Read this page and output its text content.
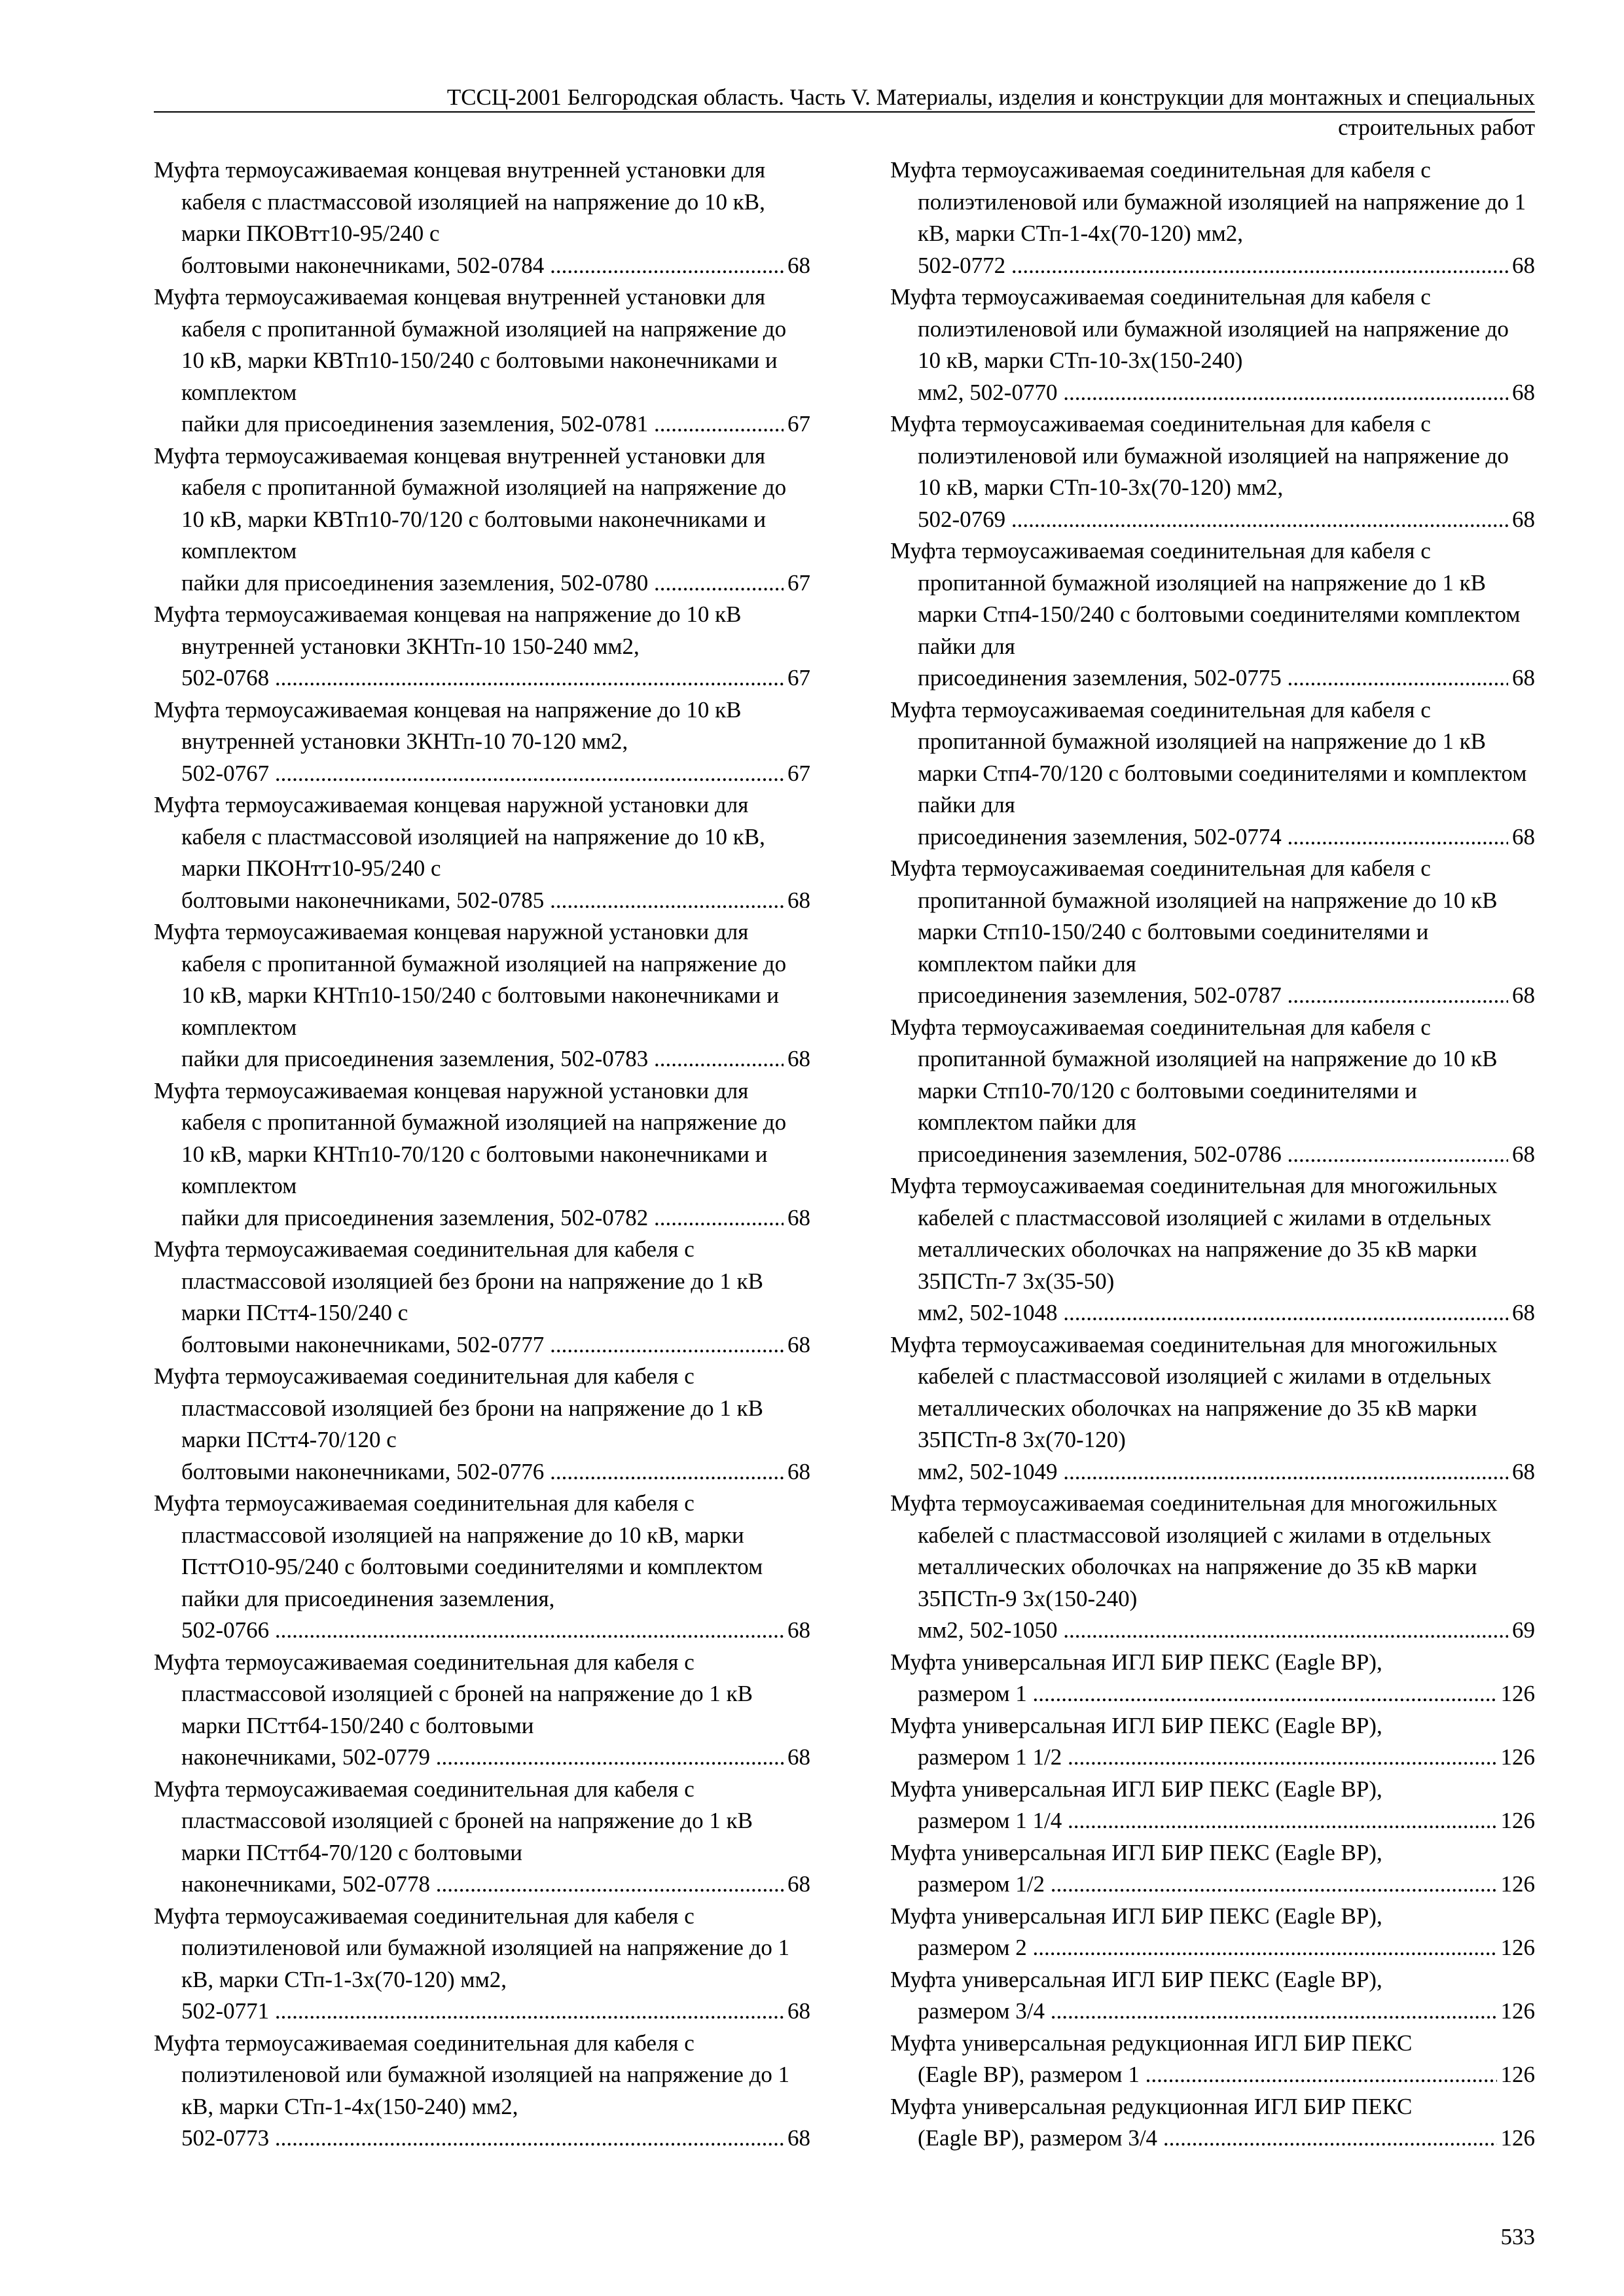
ТССЦ-2001 Белгородская область. Часть V. Материалы, изделия и конструкции для монтажных и специальных
строительных работ
Муфта термоусаживаемая концевая внутренней установки для кабеля с пластмассовой изоляцией на напряжение до 10 кВ, марки ПКОВтт10-95/240 с
болтовыми наконечниками, 502-0784 .....	68
Муфта термоусаживаемая концевая внутренней установки для кабеля с пропитанной бумажной изоляцией на напряжение до 10 кВ, марки КВТп10-150/240 с болтовыми наконечниками и комплектом
пайки для присоединения заземления, 502-0781 .....	67
Муфта термоусаживаемая концевая внутренней установки для кабеля с пропитанной бумажной изоляцией на напряжение до 10 кВ, марки КВТп10-70/120 с болтовыми наконечниками и комплектом
пайки для присоединения заземления, 502-0780 .....	67
Муфта термоусаживаемая концевая на напряжение до 10 кВ внутренней установки 3КНТп-10 150-240 мм2,
502-0768 .....	67
Муфта термоусаживаемая концевая на напряжение до 10 кВ внутренней установки 3КНТп-10 70-120 мм2,
502-0767 .....	67
Муфта термоусаживаемая концевая наружной установки для кабеля с пластмассовой изоляцией на напряжение до 10 кВ, марки ПКОНтт10-95/240 с
болтовыми наконечниками, 502-0785 .....	68
Муфта термоусаживаемая концевая наружной установки для кабеля с пропитанной бумажной изоляцией на напряжение до 10 кВ, марки КНТп10-150/240 с болтовыми наконечниками и комплектом
пайки для присоединения заземления, 502-0783 .....	68
Муфта термоусаживаемая концевая наружной установки для кабеля с пропитанной бумажной изоляцией на напряжение до 10 кВ, марки КНТп10-70/120 с болтовыми наконечниками и комплектом
пайки для присоединения заземления, 502-0782 .....	68
Муфта термоусаживаемая соединительная для кабеля с пластмассовой изоляцией без брони на напряжение до 1 кВ марки ПСтт4-150/240 с
болтовыми наконечниками, 502-0777 .....	68
Муфта термоусаживаемая соединительная для кабеля с пластмассовой изоляцией без брони на напряжение до 1 кВ марки ПСтт4-70/120 с
болтовыми наконечниками, 502-0776 .....	68
Муфта термоусаживаемая соединительная для кабеля с пластмассовой изоляцией на напряжение до 10 кВ, марки ПсттО10-95/240 с болтовыми соединителями и комплектом пайки для присоединения заземления,
502-0766 .....	68
Муфта термоусаживаемая соединительная для кабеля с пластмассовой изоляцией с броней на напряжение до 1 кВ марки ПСттб4-150/240 с болтовыми
наконечниками, 502-0779 .....	68
Муфта термоусаживаемая соединительная для кабеля с пластмассовой изоляцией с броней на напряжение до 1 кВ марки ПСттб4-70/120 с болтовыми
наконечниками, 502-0778 .....	68
Муфта термоусаживаемая соединительная для кабеля с полиэтиленовой или бумажной изоляцией на напряжение до 1 кВ, марки СТп-1-3х(70-120) мм2,
502-0771 .....	68
Муфта термоусаживаемая соединительная для кабеля с полиэтиленовой или бумажной изоляцией на напряжение до 1 кВ, марки СТп-1-4х(150-240) мм2,
502-0773 .....	68
Муфта термоусаживаемая соединительная для кабеля с полиэтиленовой или бумажной изоляцией на напряжение до 1 кВ, марки СТп-1-4х(70-120) мм2,
502-0772 .....	68
Муфта термоусаживаемая соединительная для кабеля с полиэтиленовой или бумажной изоляцией на напряжение до 10 кВ, марки СТп-10-3х(150-240)
мм2, 502-0770 .....	68
Муфта термоусаживаемая соединительная для кабеля с полиэтиленовой или бумажной изоляцией на напряжение до 10 кВ, марки СТп-10-3х(70-120) мм2,
502-0769 .....	68
Муфта термоусаживаемая соединительная для кабеля с пропитанной бумажной изоляцией на напряжение до 1 кВ марки Стп4-150/240 с болтовыми соединителями комплектом пайки для
присоединения заземления, 502-0775 .....	68
Муфта термоусаживаемая соединительная для кабеля с пропитанной бумажной изоляцией на напряжение до 1 кВ марки Стп4-70/120 с болтовыми соединителями и комплектом пайки для
присоединения заземления, 502-0774 .....	68
Муфта термоусаживаемая соединительная для кабеля с пропитанной бумажной изоляцией на напряжение до 10 кВ марки Стп10-150/240 с болтовыми соединителями и комплектом пайки для
присоединения заземления, 502-0787 .....	68
Муфта термоусаживаемая соединительная для кабеля с пропитанной бумажной изоляцией на напряжение до 10 кВ марки Стп10-70/120 с болтовыми соединителями и комплектом пайки для
присоединения заземления, 502-0786 .....	68
Муфта термоусаживаемая соединительная для многожильных кабелей с пластмассовой изоляцией с жилами в отдельных металлических оболочках на напряжение до 35 кВ марки 35ПСТп-7 3х(35-50)
мм2, 502-1048 .....	68
Муфта термоусаживаемая соединительная для многожильных кабелей с пластмассовой изоляцией с жилами в отдельных металлических оболочках на напряжение до 35 кВ марки 35ПСТп-8 3х(70-120)
мм2, 502-1049 .....	68
Муфта термоусаживаемая соединительная для многожильных кабелей с пластмассовой изоляцией с жилами в отдельных металлических оболочках на напряжение до 35 кВ марки 35ПСТп-9 3х(150-240)
мм2, 502-1050 .....	69
Муфта универсальная ИГЛ БИР ПЕКС (Eagle BP),
размером 1 .....	126
Муфта универсальная ИГЛ БИР ПЕКС (Eagle BP),
размером 1 1/2 .....	126
Муфта универсальная ИГЛ БИР ПЕКС (Eagle BP),
размером 1 1/4 .....	126
Муфта универсальная ИГЛ БИР ПЕКС (Eagle BP),
размером 1/2 .....	126
Муфта универсальная ИГЛ БИР ПЕКС (Eagle BP),
размером 2 .....	126
Муфта универсальная ИГЛ БИР ПЕКС (Eagle BP),
размером 3/4 .....	126
Муфта универсальная редукционная ИГЛ БИР ПЕКС
(Eagle BP), размером 1 .....	126
Муфта универсальная редукционная ИГЛ БИР ПЕКС
(Eagle BP), размером 3/4 .....	126
533
